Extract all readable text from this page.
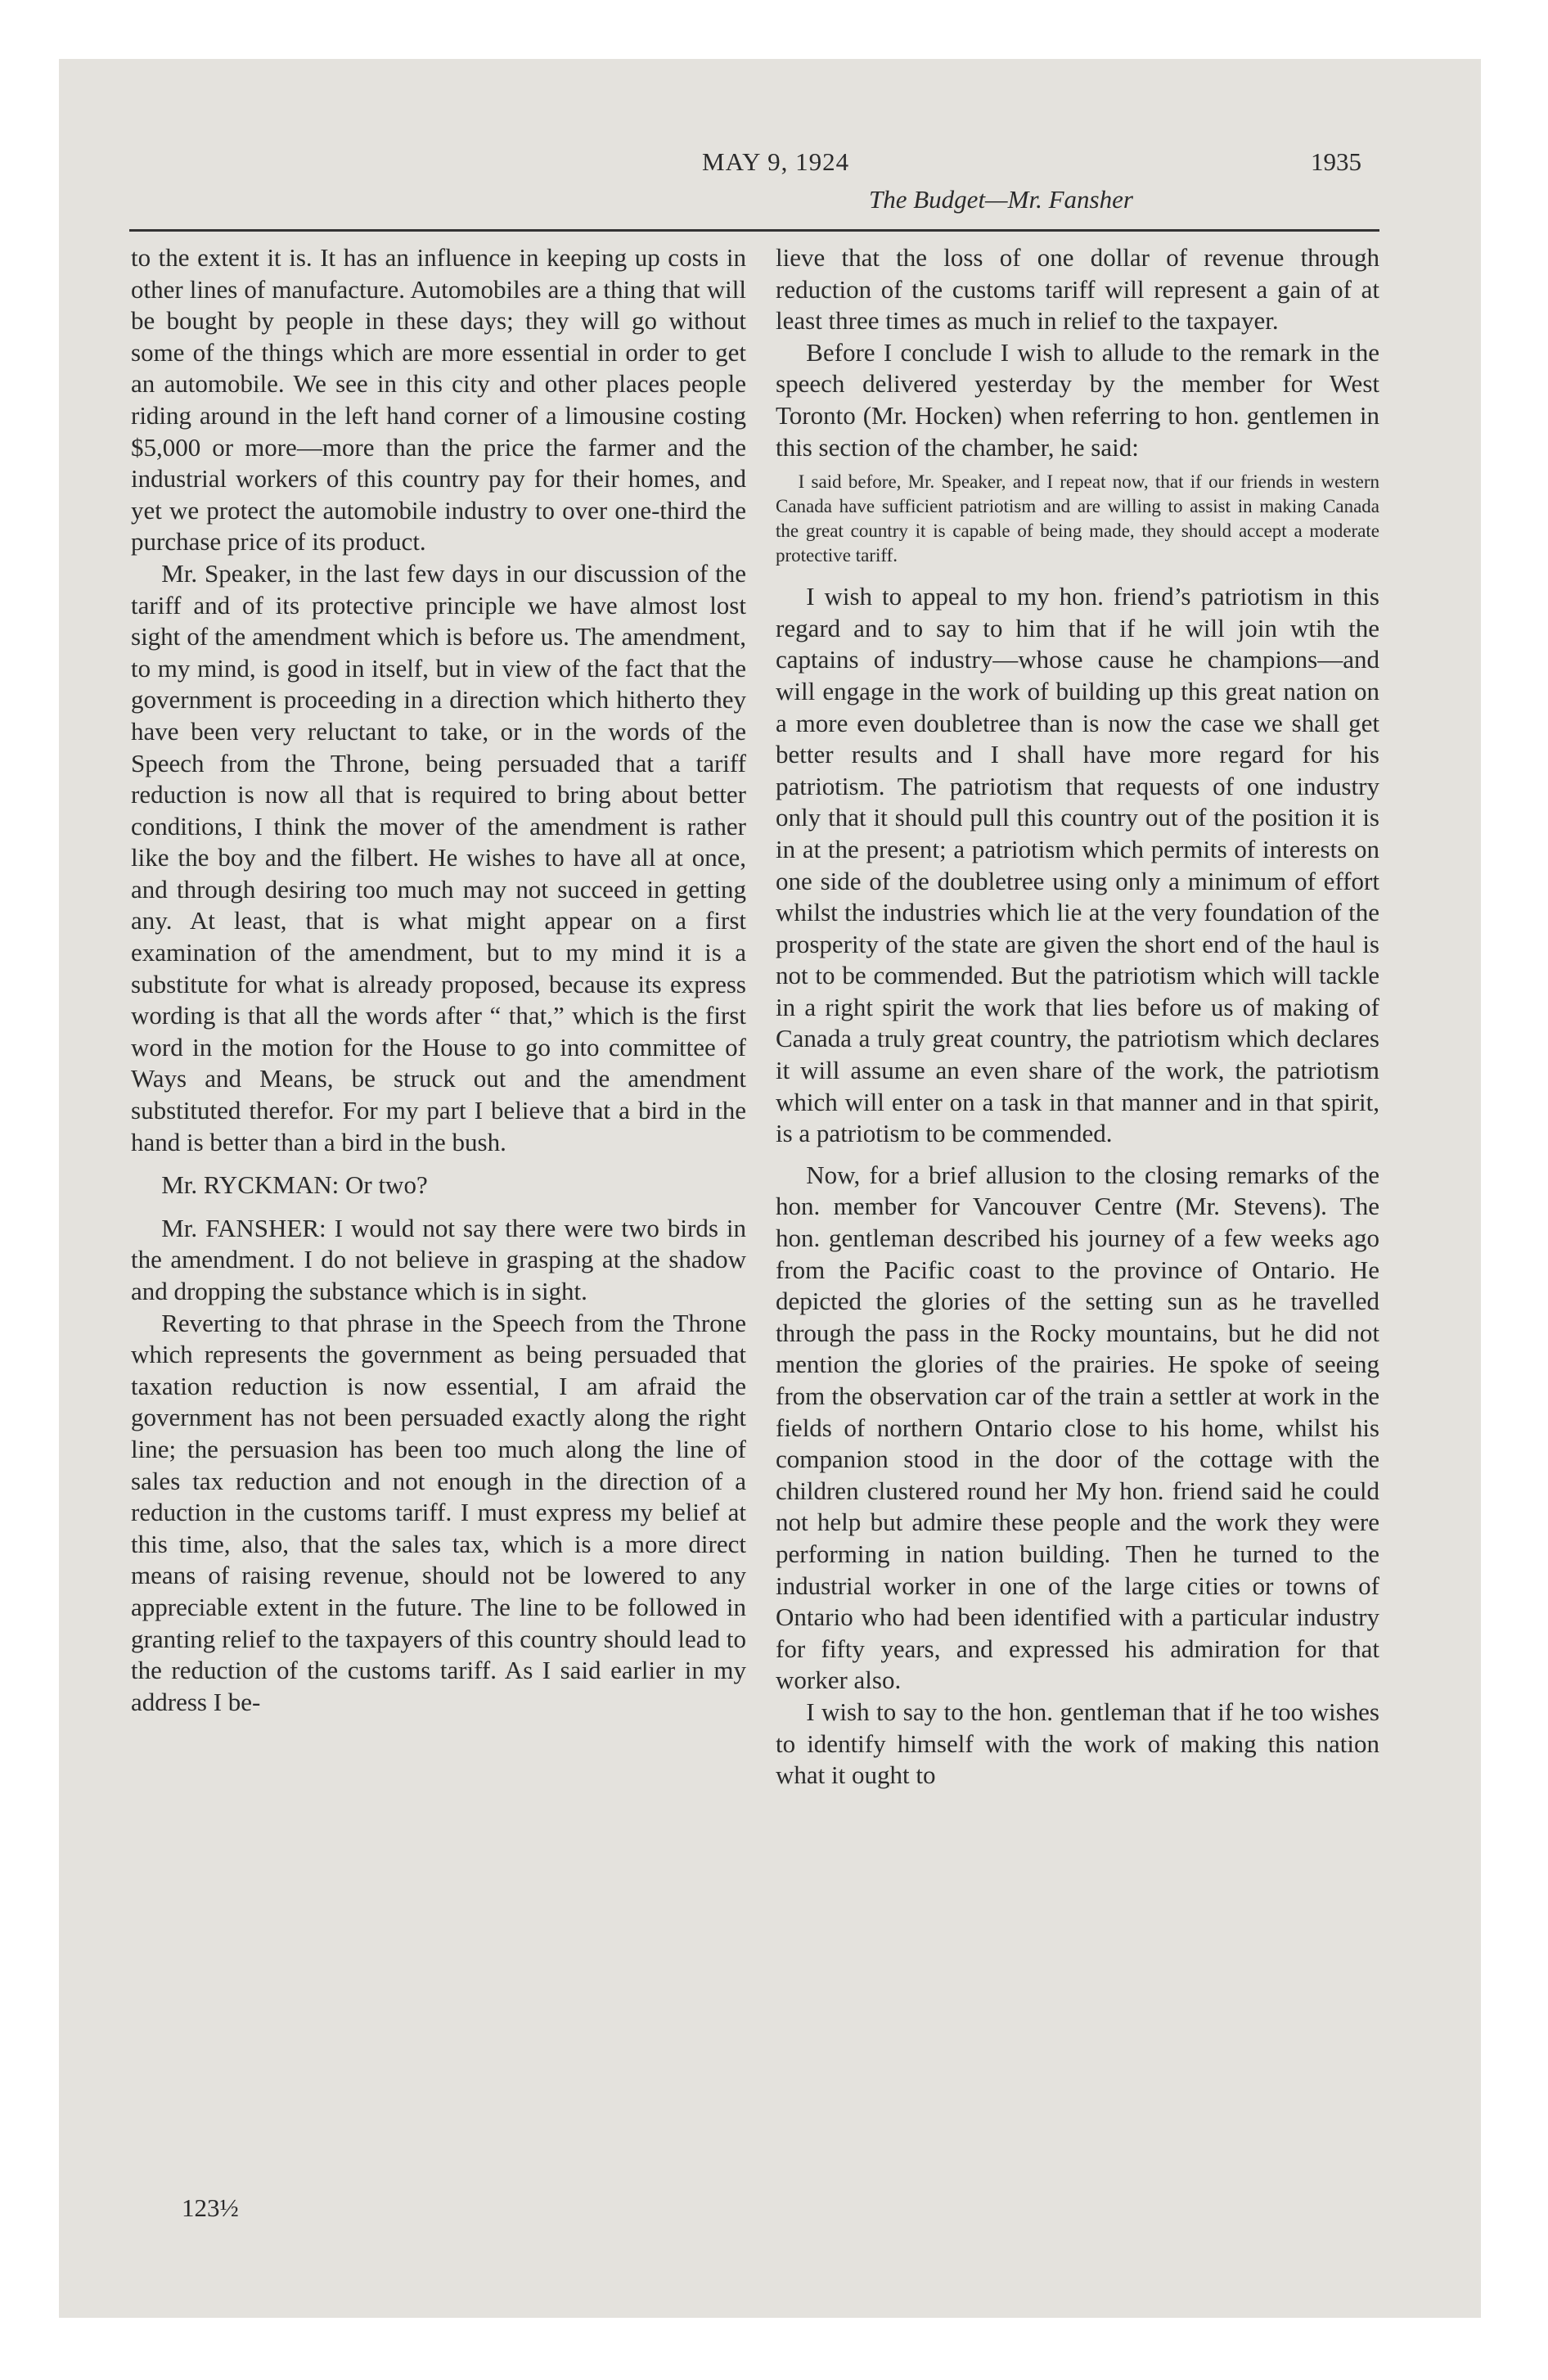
MAY 9, 1924	1935
The Budget—Mr. Fansher

to the extent it is. It has an influence in keeping up costs in other lines of manufacture. Automobiles are a thing that will be bought by people in these days; they will go without some of the things which are more essential in order to get an automobile. We see in this city and other places people riding around in the left hand corner of a limousine costing $5,000 or more—more than the price the farmer and the industrial workers of this country pay for their homes, and yet we protect the automobile industry to over one-third the purchase price of its product.

Mr. Speaker, in the last few days in our discussion of the tariff and of its protective principle we have almost lost sight of the amendment which is before us. The amendment, to my mind, is good in itself, but in view of the fact that the government is proceeding in a direction which hitherto they have been very reluctant to take, or in the words of the Speech from the Throne, being persuaded that a tariff reduction is now all that is required to bring about better conditions, I think the mover of the amendment is rather like the boy and the filbert. He wishes to have all at once, and through desiring too much may not succeed in getting any. At least, that is what might appear on a first examination of the amendment, but to my mind it is a substitute for what is already proposed, because its express wording is that all the words after “ that,” which is the first word in the motion for the House to go into committee of Ways and Means, be struck out and the amendment substituted therefor. For my part I believe that a bird in the hand is better than a bird in the bush.

Mr. RYCKMAN: Or two?

Mr. FANSHER: I would not say there were two birds in the amendment. I do not believe in grasping at the shadow and dropping the substance which is in sight.

Reverting to that phrase in the Speech from the Throne which represents the government as being persuaded that taxation reduction is now essential, I am afraid the government has not been persuaded exactly along the right line; the persuasion has been too much along the line of sales tax reduction and not enough in the direction of a reduction in the customs tariff. I must express my belief at this time, also, that the sales tax, which is a more direct means of raising revenue, should not be lowered to any appreciable extent in the future. The line to be followed in granting relief to the taxpayers of this country should lead to the reduction of the customs tariff. As I said earlier in my address I be-

lieve that the loss of one dollar of revenue through reduction of the customs tariff will represent a gain of at least three times as much in relief to the taxpayer.

Before I conclude I wish to allude to the remark in the speech delivered yesterday by the member for West Toronto (Mr. Hocken) when referring to hon. gentlemen in this section of the chamber, he said:

I said before, Mr. Speaker, and I repeat now, that if our friends in western Canada have sufficient patriotism and are willing to assist in making Canada the great country it is capable of being made, they should accept a moderate protective tariff.

I wish to appeal to my hon. friend’s patriotism in this regard and to say to him that if he will join wtih the captains of industry—whose cause he champions—and will engage in the work of building up this great nation on a more even doubletree than is now the case we shall get better results and I shall have more regard for his patriotism. The patriotism that requests of one industry only that it should pull this country out of the position it is in at the present; a patriotism which permits of interests on one side of the doubletree using only a minimum of effort whilst the industries which lie at the very foundation of the prosperity of the state are given the short end of the haul is not to be commended. But the patriotism which will tackle in a right spirit the work that lies before us of making of Canada a truly great country, the patriotism which declares it will assume an even share of the work, the patriotism which will enter on a task in that manner and in that spirit, is a patriotism to be commended.

Now, for a brief allusion to the closing remarks of the hon. member for Vancouver Centre (Mr. Stevens). The hon. gentleman described his journey of a few weeks ago from the Pacific coast to the province of Ontario. He depicted the glories of the setting sun as he travelled through the pass in the Rocky mountains, but he did not mention the glories of the prairies. He spoke of seeing from the observation car of the train a settler at work in the fields of northern Ontario close to his home, whilst his companion stood in the door of the cottage with the children clustered round her My hon. friend said he could not help but admire these people and the work they were performing in nation building. Then he turned to the industrial worker in one of the large cities or towns of Ontario who had been identified with a particular industry for fifty years, and expressed his admiration for that worker also.

I wish to say to the hon. gentleman that if he too wishes to identify himself with the work of making this nation what it ought to

123½
